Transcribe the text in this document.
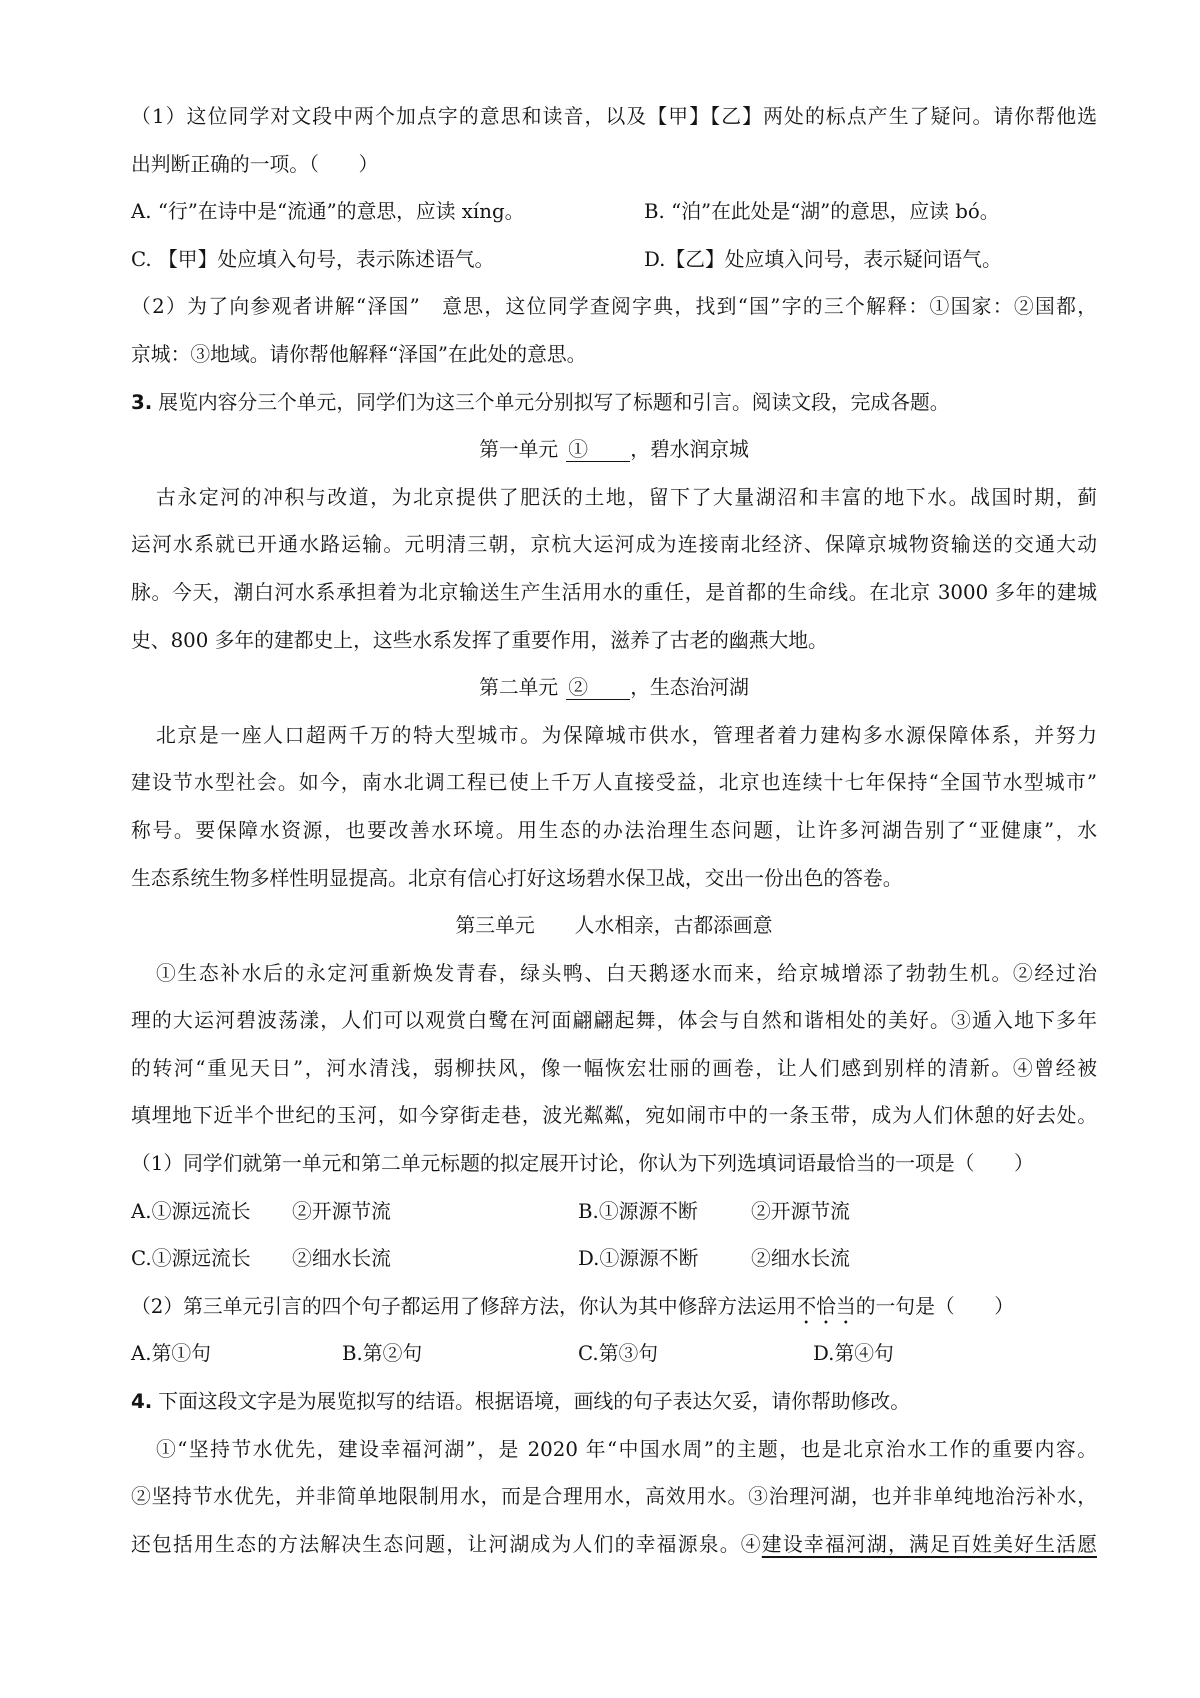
（1）这位同学对文段中两个加点字的意思和读音，以及【甲】【乙】两处的标点产生了疑问。请你帮他选
出判断正确的一项。（　　）
A. “行”在诗中是“流通”的意思，应读 xíng。	B. “泊”在此处是“湖”的意思，应读 bó。
C. 【甲】处应填入句号，表示陈述语气。	D.【乙】处应填入问号，表示疑问语气。
（2）为了向参观者讲解“泽国”　意思，这位同学查阅字典，找到“国”字的三个解释：①国家：②国都，
京城：③地域。请你帮他解释“泽国”在此处的意思。
3. 展览内容分三个单元，同学们为这三个单元分别拟写了标题和引言。阅读文段，完成各题。
第一单元 ① ，碧水润京城
古永定河的冲积与改道，为北京提供了肥沃的土地，留下了大量湖沼和丰富的地下水。战国时期，蓟
运河水系就已开通水路运输。元明清三朝，京杭大运河成为连接南北经济、保障京城物资输送的交通大动
脉。今天，潮白河水系承担着为北京输送生产生活用水的重任，是首都的生命线。在北京 3000 多年的建城
史、800 多年的建都史上，这些水系发挥了重要作用，滋养了古老的幽燕大地。
第二单元 ② ，生态治河湖
北京是一座人口超两千万的特大型城市。为保障城市供水，管理者着力建构多水源保障体系，并努力
建设节水型社会。如今，南水北调工程已使上千万人直接受益，北京也连续十七年保持“全国节水型城市”
称号。要保障水资源，也要改善水环境。用生态的办法治理生态问题，让许多河湖告别了“亚健康”，水
生态系统生物多样性明显提高。北京有信心打好这场碧水保卫战，交出一份出色的答卷。
第三单元 人水相亲，古都添画意
①生态补水后的永定河重新焕发青春，绿头鸭、白天鹅逐水而来，给京城增添了勃勃生机。②经过治
理的大运河碧波荡漾，人们可以观赏白鹭在河面翩翩起舞，体会与自然和谐相处的美好。③遁入地下多年
的转河“重见天日”，河水清浅，弱柳扶风，像一幅恢宏壮丽的画卷，让人们感到别样的清新。④曾经被
填埋地下近半个世纪的玉河，如今穿街走巷，波光粼粼，宛如闹市中的一条玉带，成为人们休憩的好去处。
（1）同学们就第一单元和第二单元标题的拟定展开讨论，你认为下列选填词语最恰当的一项是（　　）
A.①源远流长 ②开源节流	B.①源源不断	②开源节流
C.①源远流长 ②细水长流	D.①源源不断	②细水长流
（2）第三单元引言的四个句子都运用了修辞方法，你认为其中修辞方法运用不恰当的一句是（　　）
A.第①句	B.第②句	C.第③句	D.第④句
4. 下面这段文字是为展览拟写的结语。根据语境，画线的句子表达欠妥，请你帮助修改。
①“坚持节水优先，建设幸福河湖”，是 2020 年“中国水周”的主题，也是北京治水工作的重要内容。
②坚持节水优先，并非简单地限制用水，而是合理用水，高效用水。③治理河湖，也并非单纯地治污补水，
还包括用生态的方法解决生态问题，让河湖成为人们的幸福源泉。④建设幸福河湖，满足百姓美好生活愿
